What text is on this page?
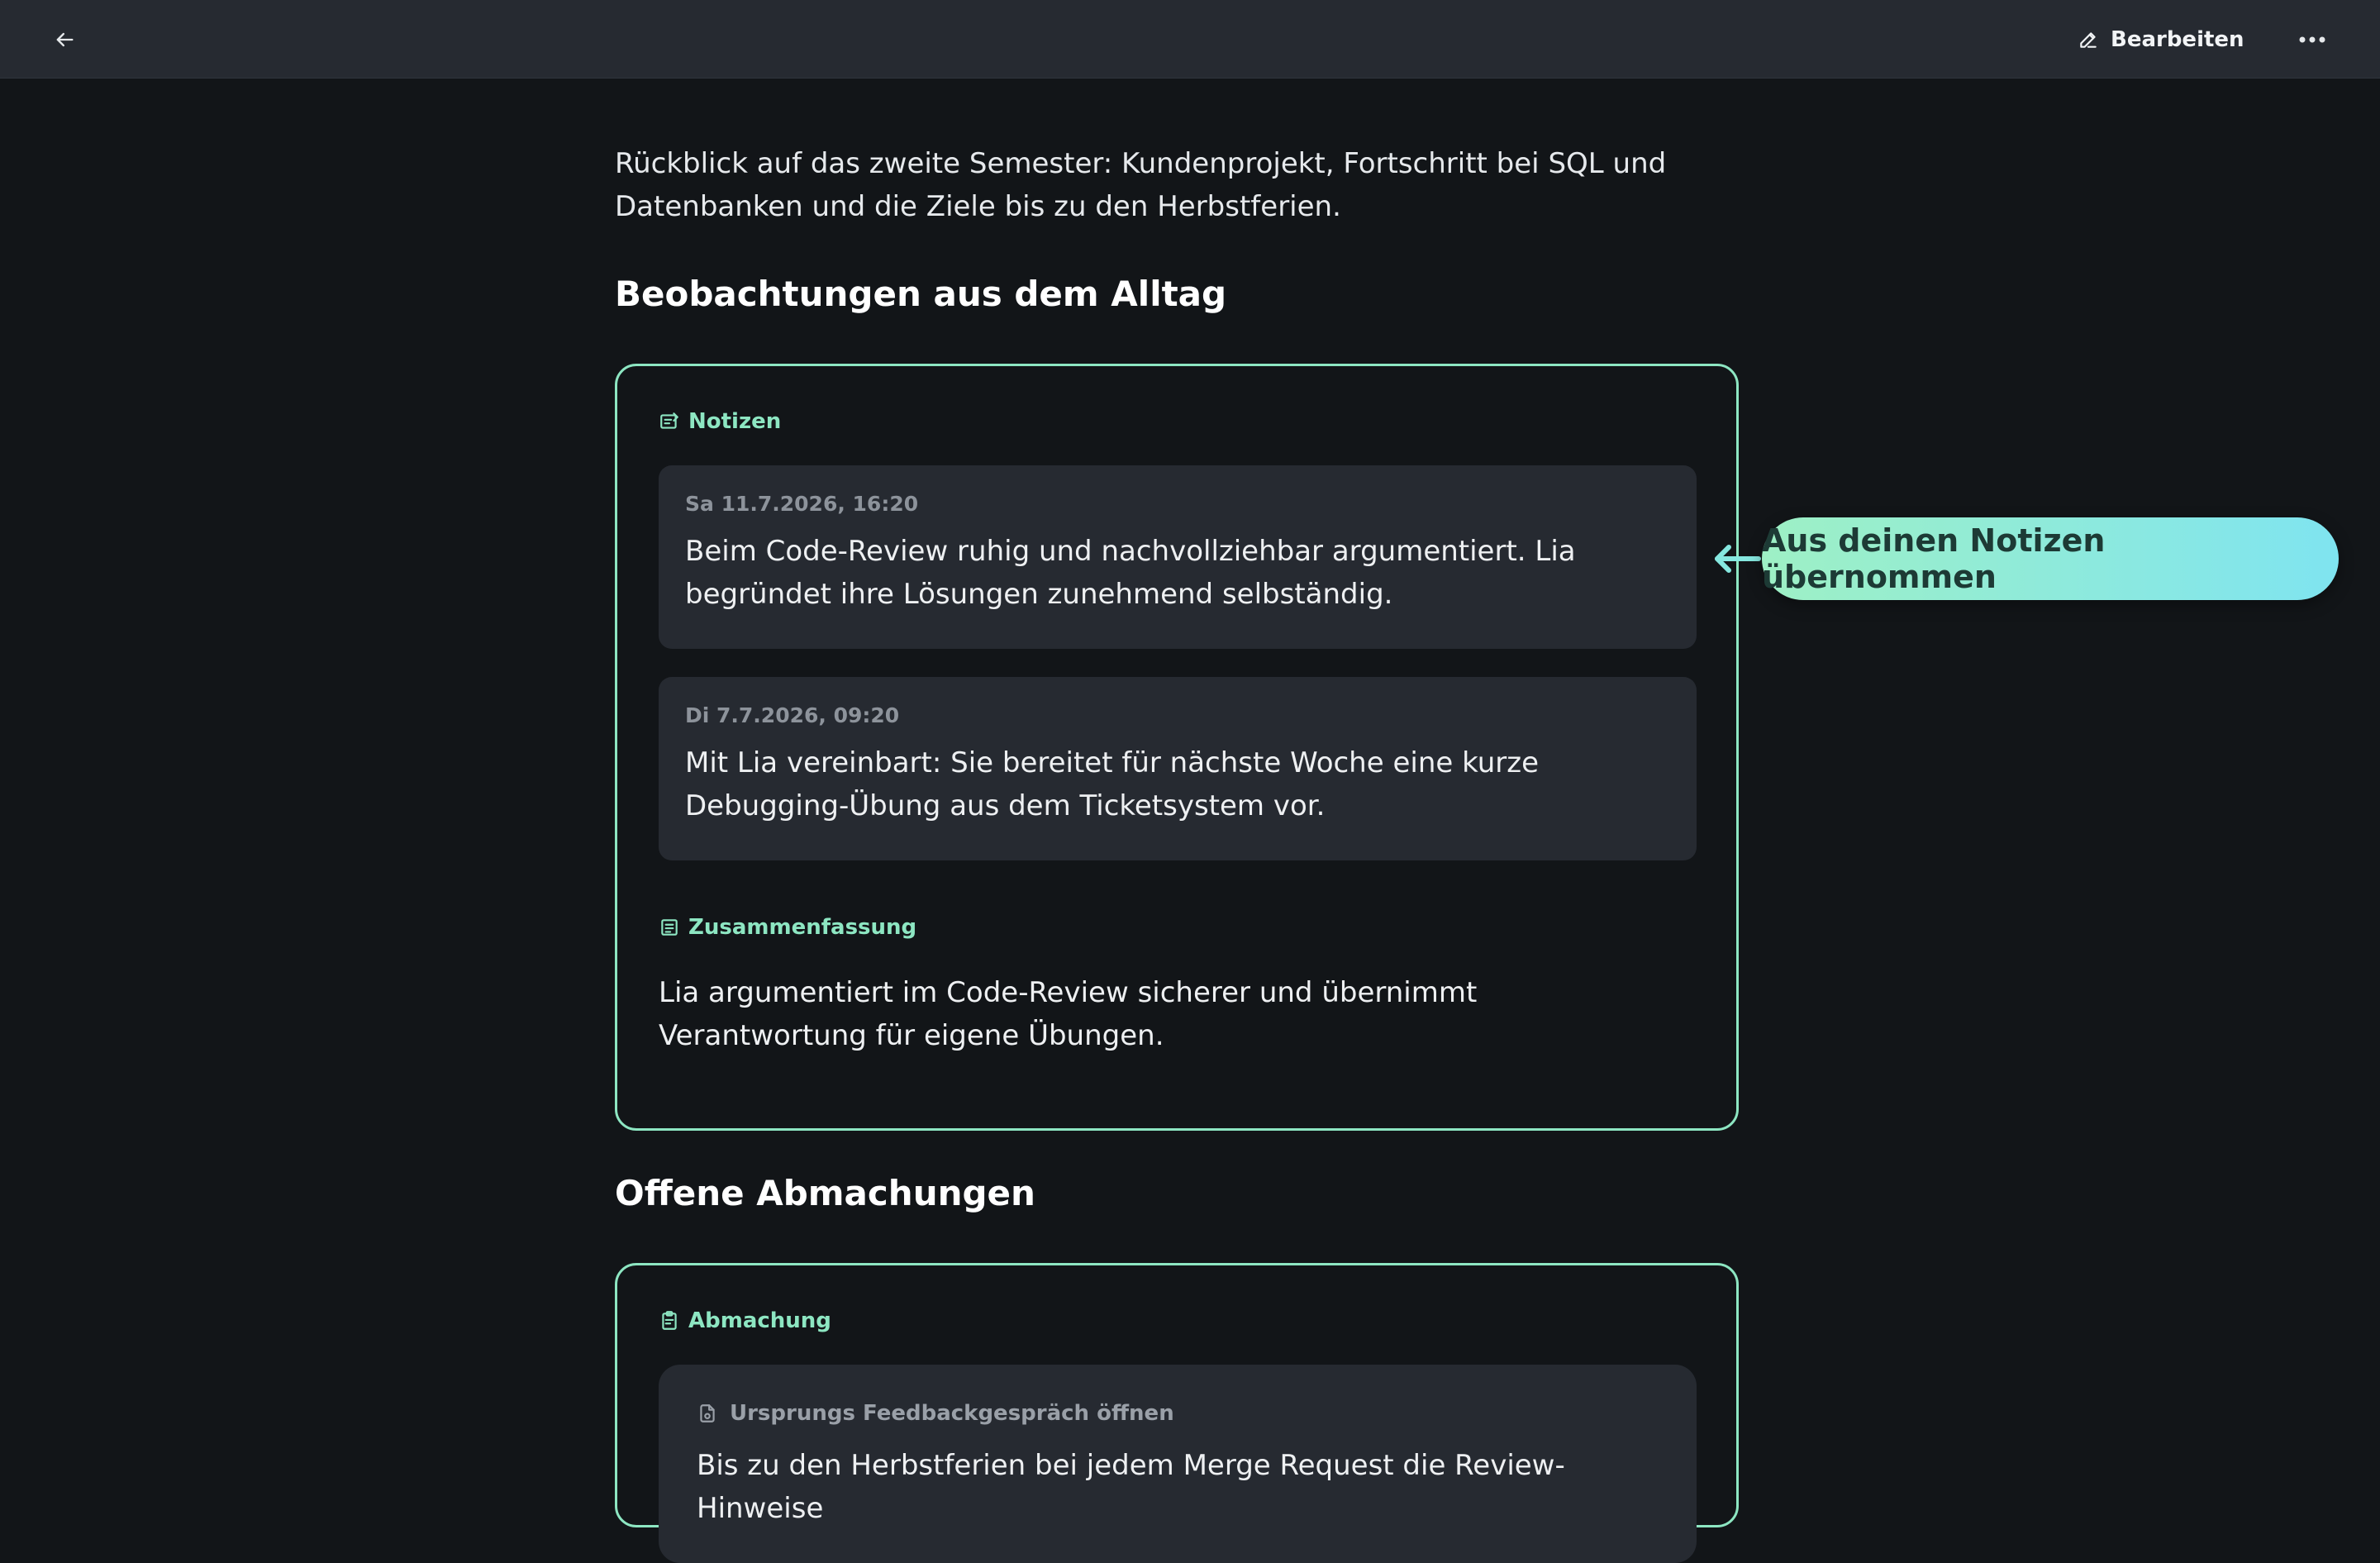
Bearbeiten

Rückblick auf das zweite Semester: Kundenprojekt, Fortschritt bei SQL und Datenbanken und die Ziele bis zu den Herbstferien.

Beobachtungen aus dem Alltag
Notizen
Sa 11.7.2026, 16:20
Beim Code-Review ruhig und nachvollziehbar argumentiert. Lia begründet ihre Lösungen zunehmend selbständig.
Di 7.7.2026, 09:20
Mit Lia vereinbart: Sie bereitet für nächste Woche eine kurze Debugging-Übung aus dem Ticketsystem vor.
Zusammenfassung
Lia argumentiert im Code-Review sicherer und übernimmt Verantwortung für eigene Übungen.
Aus deinen Notizen übernommen
Offene Abmachungen
Abmachung
Ursprungs Feedbackgespräch öffnen
Bis zu den Herbstferien bei jedem Merge Request die Review-Hinweise
